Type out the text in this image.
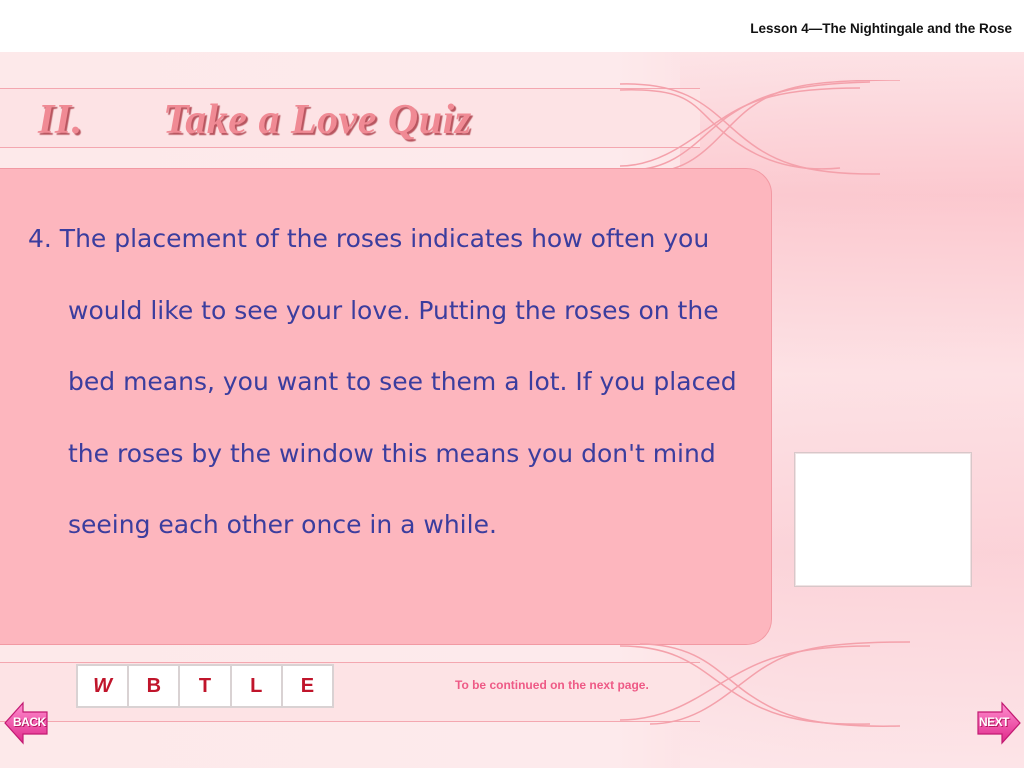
Lesson 4—The Nightingale and the Rose
II. Take a Love Quiz

4. The placement of the roses indicates how often you would like to see your love. Putting the roses on the bed means, you want to see them a lot. If you placed the roses by the window this means you don't mind seeing each other once in a while.

W	B	T	L	E	To be continued on the next page.
BACK	NEXT
